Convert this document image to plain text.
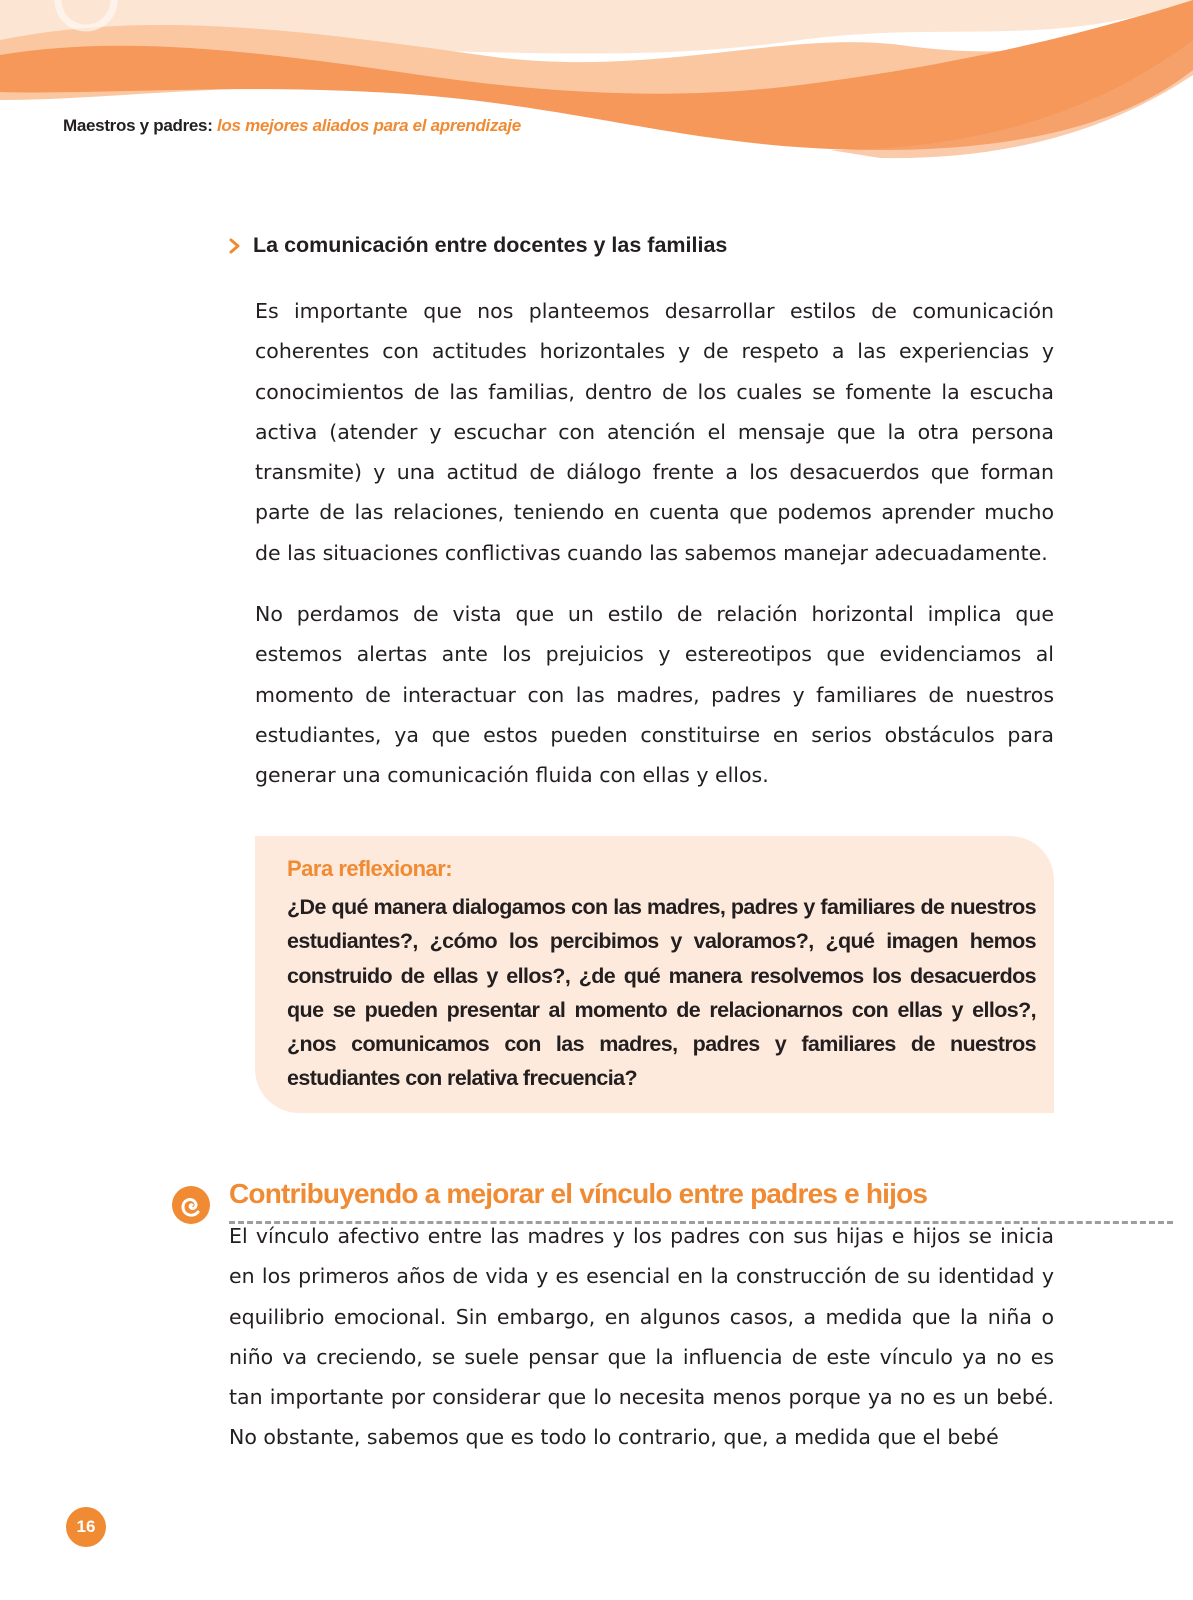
Maestros y padres: los mejores aliados para el aprendizaje
La comunicación entre docentes y las familias

Es importante que nos planteemos desarrollar estilos de comunicación coherentes con actitudes horizontales y de respeto a las experiencias y conocimientos de las familias, dentro de los cuales se fomente la escucha activa (atender y escuchar con atención el mensaje que la otra persona transmite) y una actitud de diálogo frente a los desacuerdos que forman parte de las relaciones, teniendo en cuenta que podemos aprender mucho de las situaciones conflictivas cuando las sabemos manejar adecuadamente.

No perdamos de vista que un estilo de relación horizontal implica que estemos alertas ante los prejuicios y estereotipos que evidenciamos al momento de interactuar con las madres, padres y familiares de nuestros estudiantes, ya que estos pueden constituirse en serios obstáculos para generar una comunicación fluida con ellas y ellos.

Para reflexionar:

¿De qué manera dialogamos con las madres, padres y familiares de nuestros estudiantes?, ¿cómo los percibimos y valoramos?, ¿qué imagen hemos construido de ellas y ellos?, ¿de qué manera resolvemos los desacuerdos que se pueden presentar al momento de relacionarnos con ellas y ellos?, ¿nos comunicamos con las madres, padres y familiares de nuestros estudiantes con relativa frecuencia?

Contribuyendo a mejorar el vínculo entre padres e hijos

El vínculo afectivo entre las madres y los padres con sus hijas e hijos se inicia en los primeros años de vida y es esencial en la construcción de su identidad y equilibrio emocional. Sin embargo, en algunos casos, a medida que la niña o niño va creciendo, se suele pensar que la influencia de este vínculo ya no es tan importante por considerar que lo necesita menos porque ya no es un bebé. No obstante, sabemos que es todo lo contrario, que, a medida que el bebé

16
